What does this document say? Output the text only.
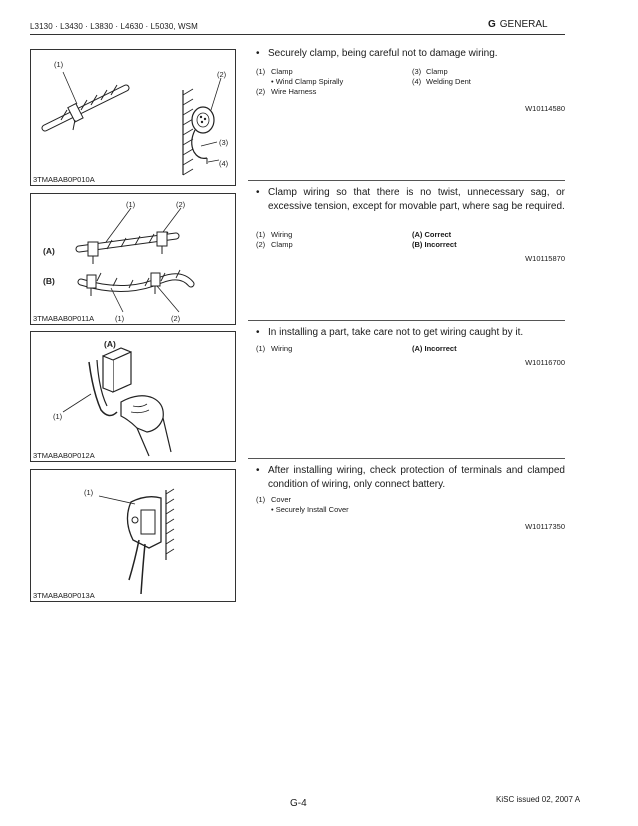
L3130 · L3430 · L3830 · L4630 · L5030, WSM	G GENERAL
(1)
(2)
(3)
(4)
3TMABAB0P010A
(1)	(2)
(A)
(B)
(1)	(2)
3TMABAB0P011A
(A)
(1)
3TMABAB0P012A
(1)
3TMABAB0P013A
• Securely clamp, being careful not to damage wiring.
(1) Clamp	(3) Clamp
• Wind Clamp Spirally	(4) Welding Dent
(2) Wire Harness
W10114580
• Clamp wiring so that there is no twist, unnecessary sag, or excessive tension, except for movable part, where sag be required.
(1) Wiring	(A) Correct
(2) Clamp	(B) Incorrect
W10115870
• In installing a part, take care not to get wiring caught by it.
(1) Wiring	(A) Incorrect
W10116700
• After installing wiring, check protection of terminals and clamped condition of wiring, only connect battery.
(1) Cover
• Securely Install Cover
W10117350
G-4	KiSC issued 02, 2007 A
